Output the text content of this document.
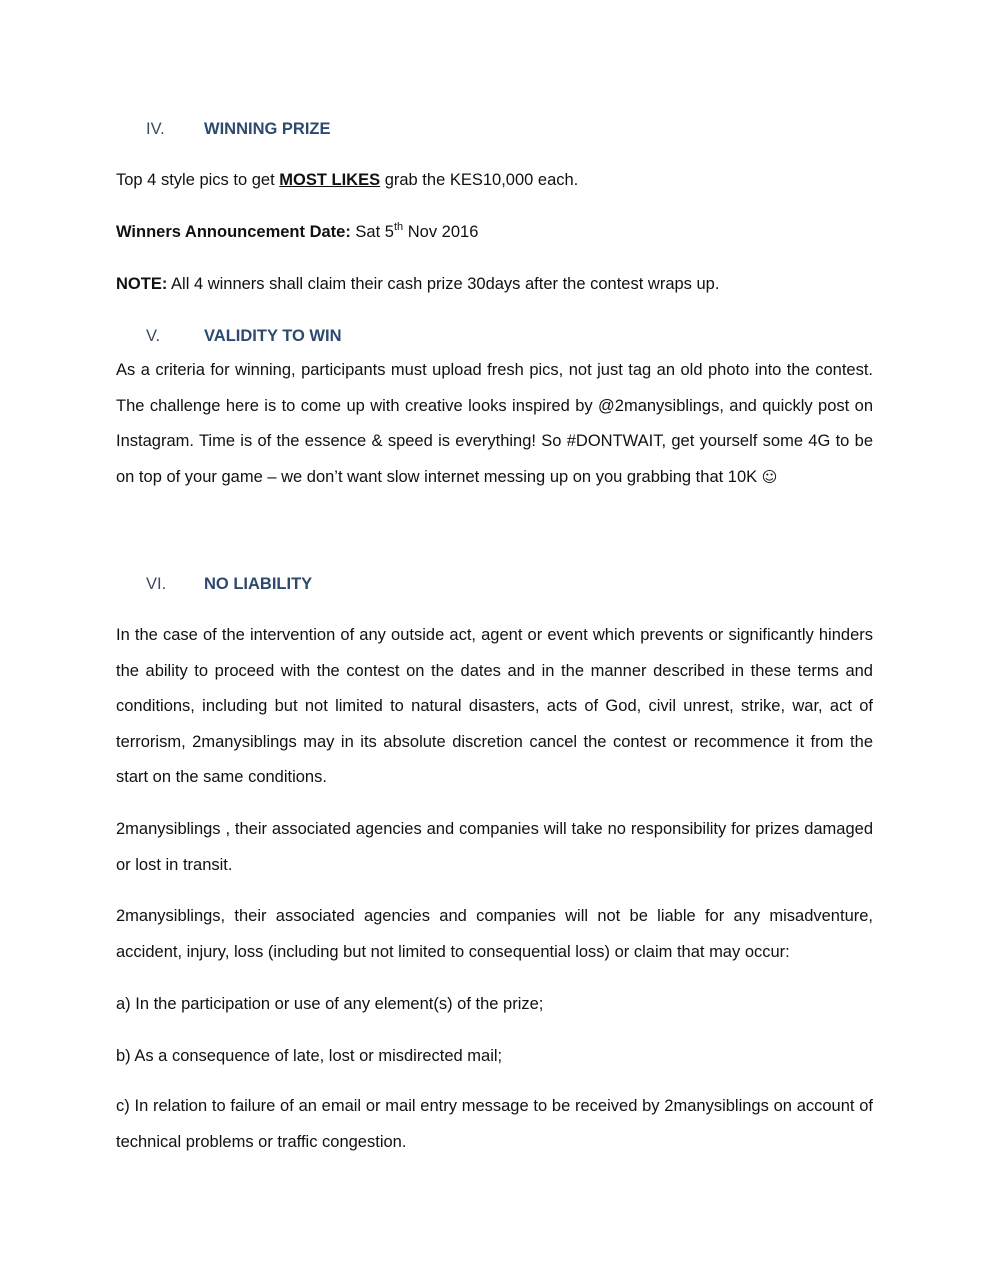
IV. WINNING PRIZE
Top 4 style pics to get MOST LIKES grab the KES10,000 each.
Winners Announcement Date: Sat 5th Nov 2016
NOTE: All 4 winners shall claim their cash prize 30days after the contest wraps up.
V.	VALIDITY TO WIN

As a criteria for winning, participants must upload fresh pics, not just tag an old photo into the contest. The challenge here is to come up with creative looks inspired by @2manysiblings, and quickly post on Instagram. Time is of the essence & speed is everything! So #DONTWAIT, get yourself some 4G to be on top of your game – we don’t want slow internet messing up on you grabbing that 10K ☺

VI. NO LIABILITY

In the case of the intervention of any outside act, agent or event which prevents or significantly hinders the ability to proceed with the contest on the dates and in the manner described in these terms and conditions, including but not limited to natural disasters, acts of God, civil unrest, strike, war, act of terrorism, 2manysiblings may in its absolute discretion cancel the contest or recommence it from the start on the same conditions.

2manysiblings , their associated agencies and companies will take no responsibility for prizes damaged or lost in transit.

2manysiblings, their associated agencies and companies will not be liable for any misadventure, accident, injury, loss (including but not limited to consequential loss) or claim that may occur:

a) In the participation or use of any element(s) of the prize;
b) As a consequence of late, lost or misdirected mail;

c) In relation to failure of an email or mail entry message to be received by 2manysiblings on account of technical problems or traffic congestion.
